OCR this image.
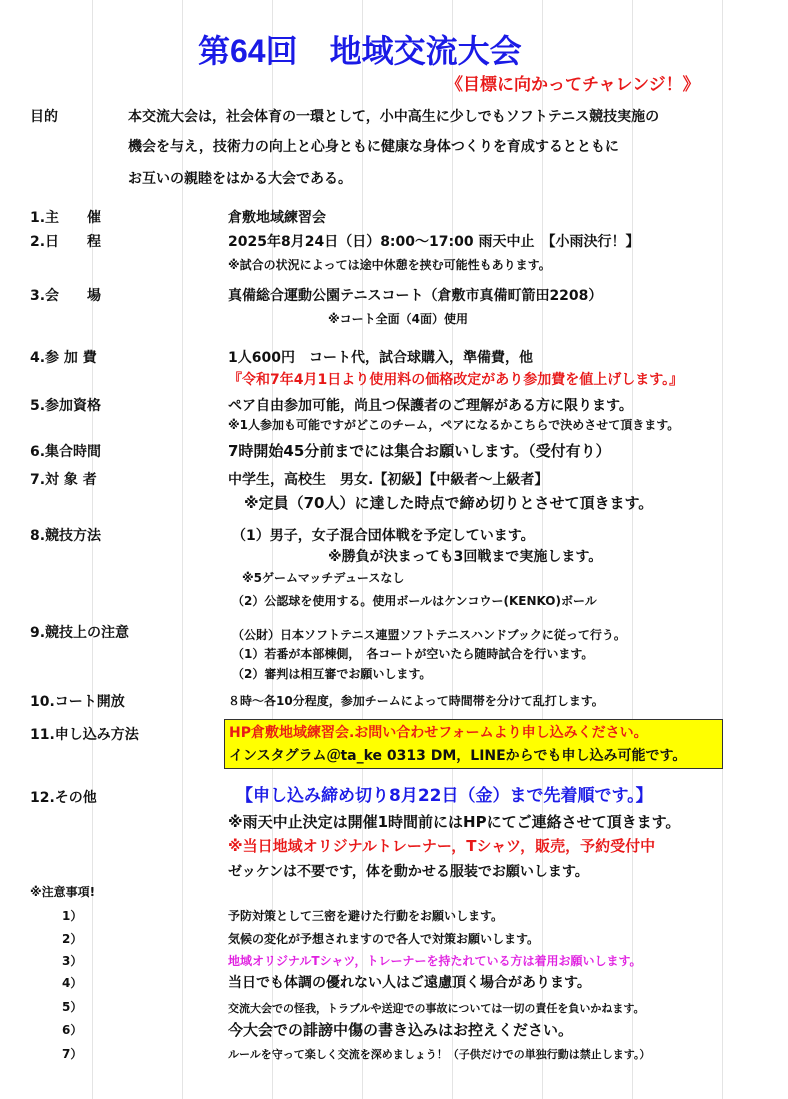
第64回　地域交流大会
《目標に向かってチャレンジ！》
目的	本交流大会は，社会体育の一環として，小中高生に少しでもソフトテニス競技実施の
機会を与え，技術力の向上と心身ともに健康な身体つくりを育成するとともに
お互いの親睦をはかる大会である。
1.主　　催	倉敷地域練習会
2.日　　程	2025年8月24日（日）8:00〜17:00 雨天中止　【小雨決行！】
※試合の状況によっては途中休憩を挟む可能性もあります。
3.会　　場	真備総合運動公園テニスコート（倉敷市真備町箭田2208）
※コート全面（4面）使用
4.参 加 費	1人600円　コート代，試合球購入，準備費，他
『令和7年4月1日より使用料の価格改定があり参加費を値上げします。』
5.参加資格	ペア自由参加可能，尚且つ保護者のご理解がある方に限ります。
※1人参加も可能ですがどこのチーム，ペアになるかこちらで決めさせて頂きます。
6.集合時間	7時開始45分前までには集合お願いします。（受付有り）
7.対 象 者	中学生，高校生　男女.【初級】【中級者〜上級者】
※定員（70人）に達した時点で締め切りとさせて頂きます。
8.競技方法	（1）男子，女子混合団体戦を予定しています。
※勝負が決まっても3回戦まで実施します。
※5ゲームマッチデュースなし
（2）公認球を使用する。使用ボールはケンコウー(KENKO)ボール
9.競技上の注意	（公財）日本ソフトテニス連盟ソフトテニスハンドブックに従って行う。
（1）若番が本部棟側，　各コートが空いたら随時試合を行います。
（2）審判は相互審でお願いします。
10.コート開放	８時〜各10分程度，参加チームによって時間帯を分けて乱打します。
11.申し込み方法	HP倉敷地域練習会.お問い合わせフォームより申し込みください。
インスタグラム＠ta_ke 0313 DM，LINEからでも申し込み可能です。
12.その他	【申し込み締め切り8月22日（金）まで先着順です。】
※雨天中止決定は開催1時間前にはHPにてご連絡させて頂きます。
※当日地域オリジナルトレーナー，Tシャツ，販売，予約受付中
ゼッケンは不要です，体を動かせる服装でお願いします。
※注意事項!
1）	予防対策として三密を避けた行動をお願いします。
2）	気候の変化が予想されますので各人で対策お願いします。
3）	地域オリジナルTシャツ，トレーナーを持たれている方は着用お願いします。
4）	当日でも体調の優れない人はご遠慮頂く場合があります。
5）	交流大会での怪我，トラブルや送迎での事故については一切の責任を負いかねます。
6）	今大会での誹謗中傷の書き込みはお控えください。
7）	ルールを守って楽しく交流を深めましょう！（子供だけでの単独行動は禁止します。）
